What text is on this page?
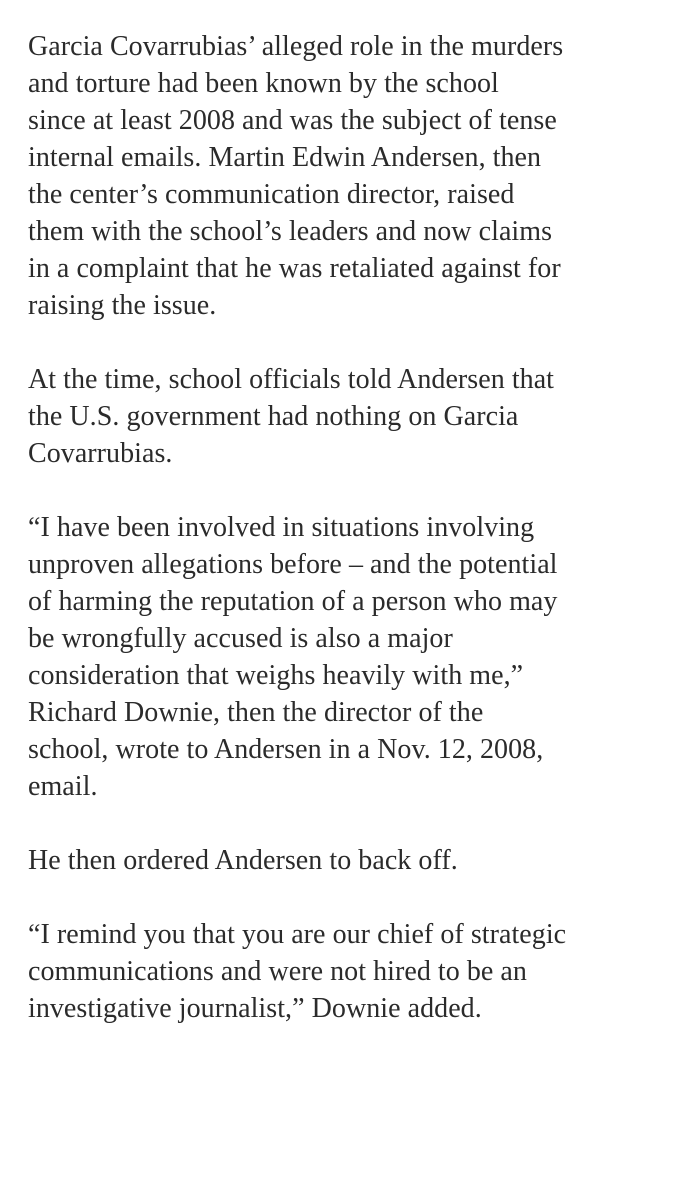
Garcia Covarrubias’ alleged role in the murders
and torture had been known by the school
since at least 2008 and was the subject of tense
internal emails. Martin Edwin Andersen, then
the center’s communication director, raised
them with the school’s leaders and now claims
in a complaint that he was retaliated against for
raising the issue.

At the time, school officials told Andersen that
the U.S. government had nothing on Garcia
Covarrubias.

“I have been involved in situations involving
unproven allegations before – and the potential
of harming the reputation of a person who may
be wrongfully accused is also a major
consideration that weighs heavily with me,”
Richard Downie, then the director of the
school, wrote to Andersen in a Nov. 12, 2008,
email.

He then ordered Andersen to back off.

“I remind you that you are our chief of strategic
communications and were not hired to be an
investigative journalist,” Downie added.
